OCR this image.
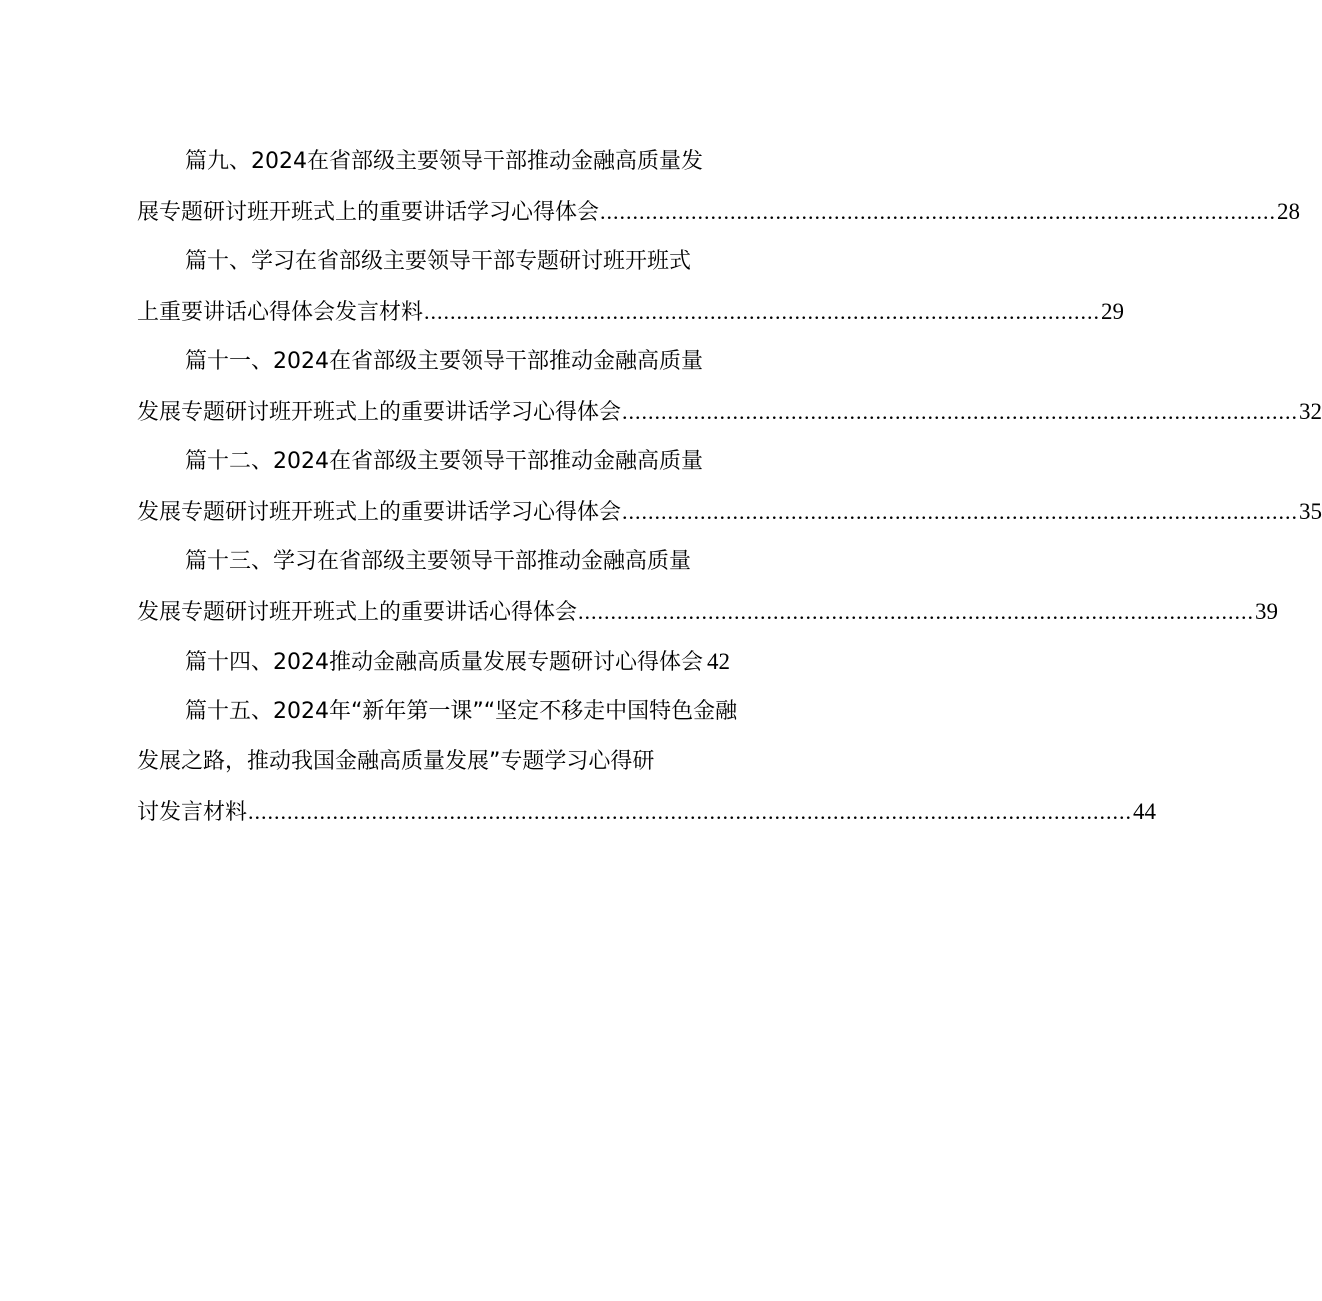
篇九、2024在省部级主要领导干部推动金融高质量发
展专题研讨班开班式上的重要讲话学习心得体会 ........................................................................................................ 28
篇十、学习在省部级主要领导干部专题研讨班开班式
上重要讲话心得体会发言材料 ........................................................................................................ 29
篇十一、2024在省部级主要领导干部推动金融高质量
发展专题研讨班开班式上的重要讲话学习心得体会 ........................................................................................................ 32
篇十二、2024在省部级主要领导干部推动金融高质量
发展专题研讨班开班式上的重要讲话学习心得体会 ........................................................................................................ 35
篇十三、学习在省部级主要领导干部推动金融高质量
发展专题研讨班开班式上的重要讲话心得体会 ........................................................................................................ 39
篇十四、2024推动金融高质量发展专题研讨心得体会 42
篇十五、2024年“新年第一课”“坚定不移走中国特色金融
发展之路，推动我国金融高质量发展”专题学习心得研
讨发言材料 ........................................................................................................................................ 44
